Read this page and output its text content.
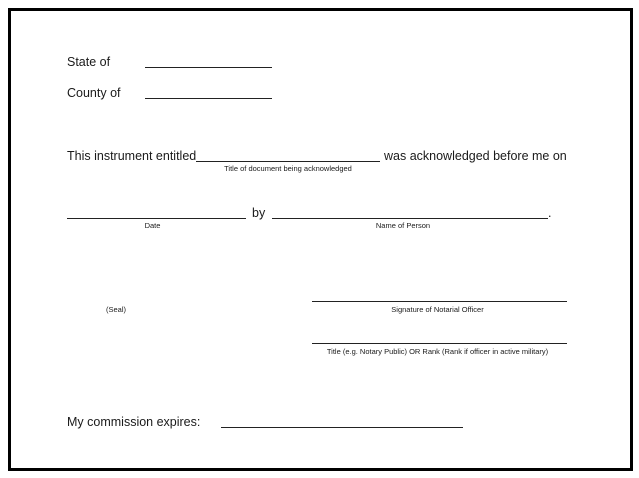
State of
County of
This instrument entitled	was acknowledged before me on
Title of document being acknowledged
by	.
Date	Name of Person
(Seal)	Signature of Notarial Officer
Title (e.g. Notary Public) OR Rank (Rank if officer in active military)
My commission expires:
